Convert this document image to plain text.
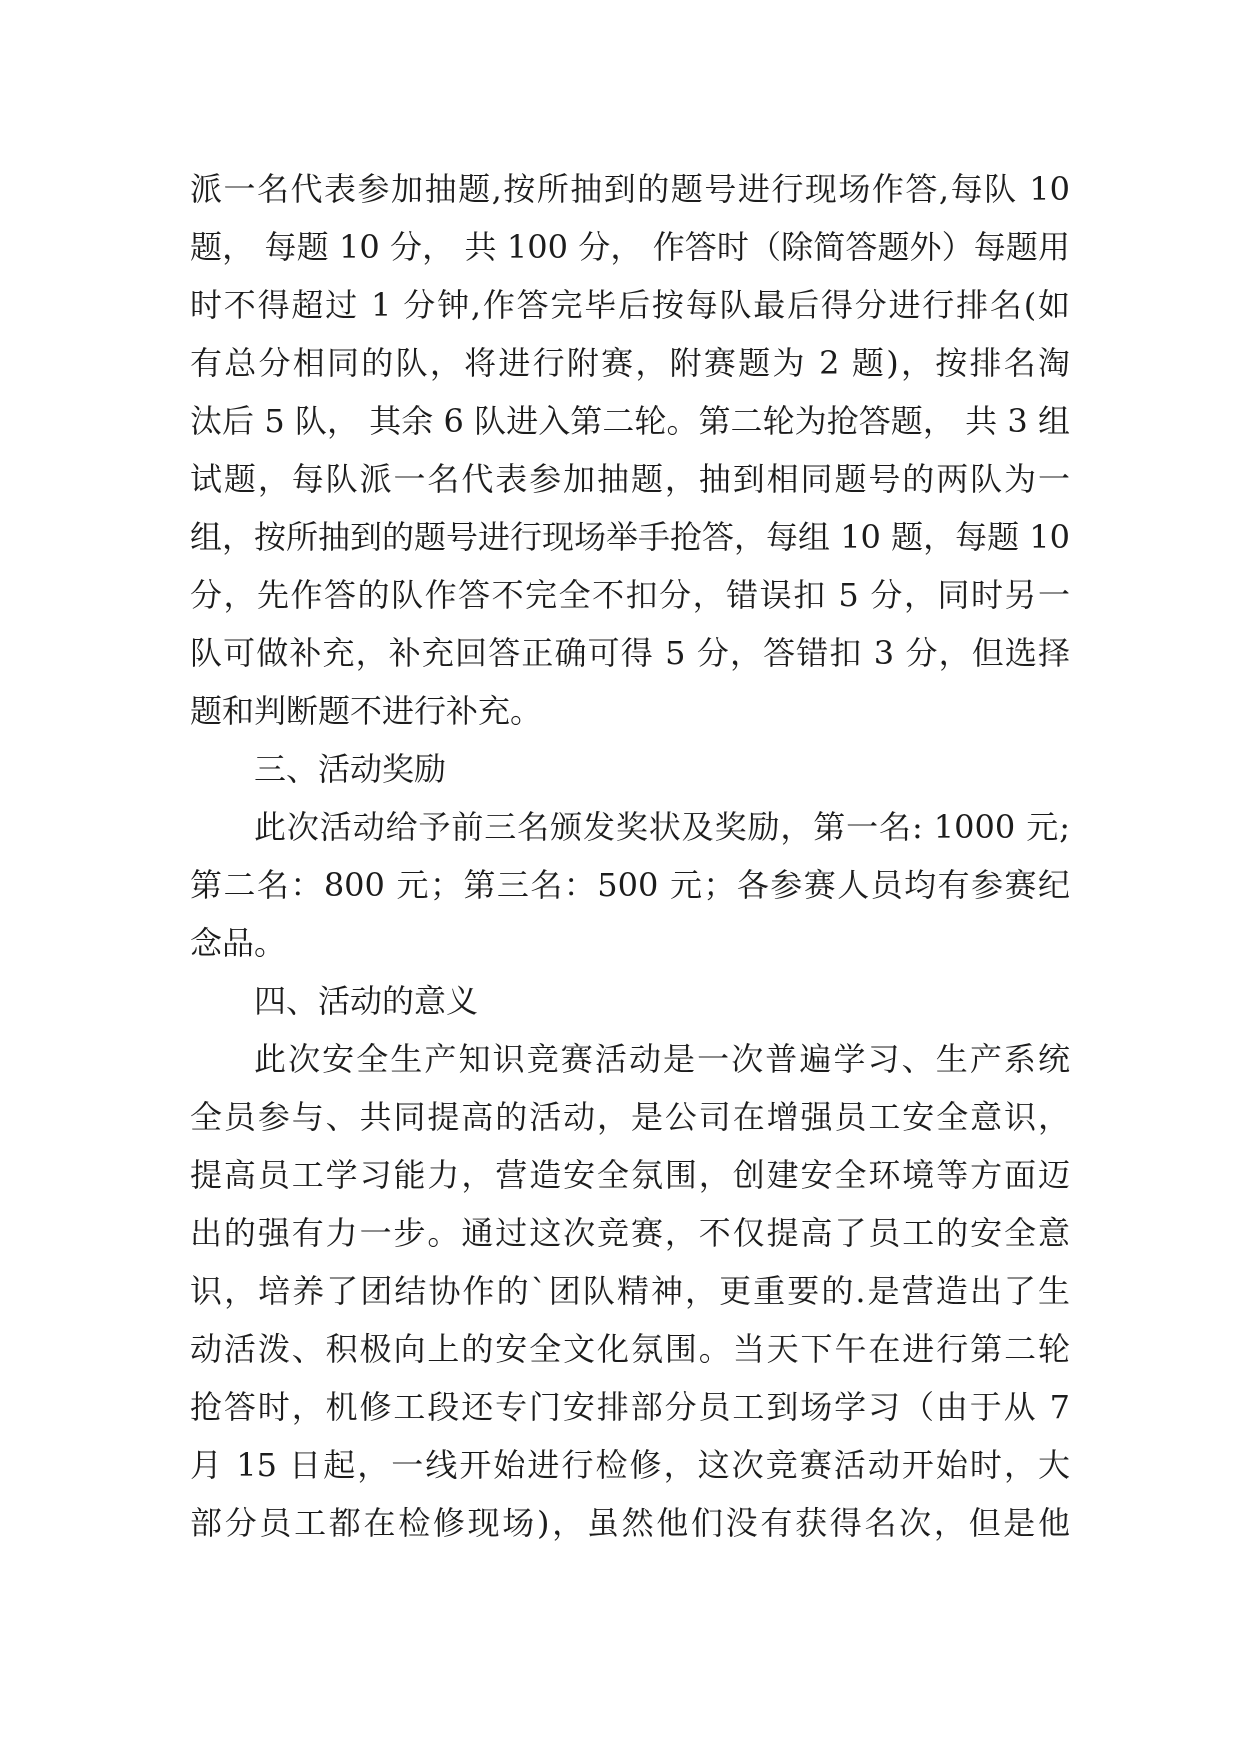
派一名代表参加抽题,按所抽到的题号进行现场作答,每队 10
题， 每题 10 分， 共 100 分， 作答时（除简答题外）每题用
时不得超过 1 分钟,作答完毕后按每队最后得分进行排名(如
有总分相同的队，将进行附赛，附赛题为 2 题)，按排名淘
汰后 5 队， 其余 6 队进入第二轮。第二轮为抢答题， 共 3 组
试题，每队派一名代表参加抽题，抽到相同题号的两队为一
组，按所抽到的题号进行现场举手抢答，每组 10 题，每题 10
分，先作答的队作答不完全不扣分，错误扣 5 分，同时另一
队可做补充，补充回答正确可得 5 分，答错扣 3 分，但选择
题和判断题不进行补充。
三、活动奖励
此次活动给予前三名颁发奖状及奖励，第一名: 1000 元;
第二名：800 元；第三名：500 元；各参赛人员均有参赛纪
念品。
四、活动的意义
此次安全生产知识竞赛活动是一次普遍学习、生产系统
全员参与、共同提高的活动，是公司在增强员工安全意识，
提高员工学习能力，营造安全氛围，创建安全环境等方面迈
出的强有力一步。通过这次竞赛，不仅提高了员工的安全意
识，培养了团结协作的`团队精神，更重要的.是营造出了生
动活泼、积极向上的安全文化氛围。当天下午在进行第二轮
抢答时，机修工段还专门安排部分员工到场学习（由于从 7
月 15 日起，一线开始进行检修，这次竞赛活动开始时，大
部分员工都在检修现场)，虽然他们没有获得名次，但是他
